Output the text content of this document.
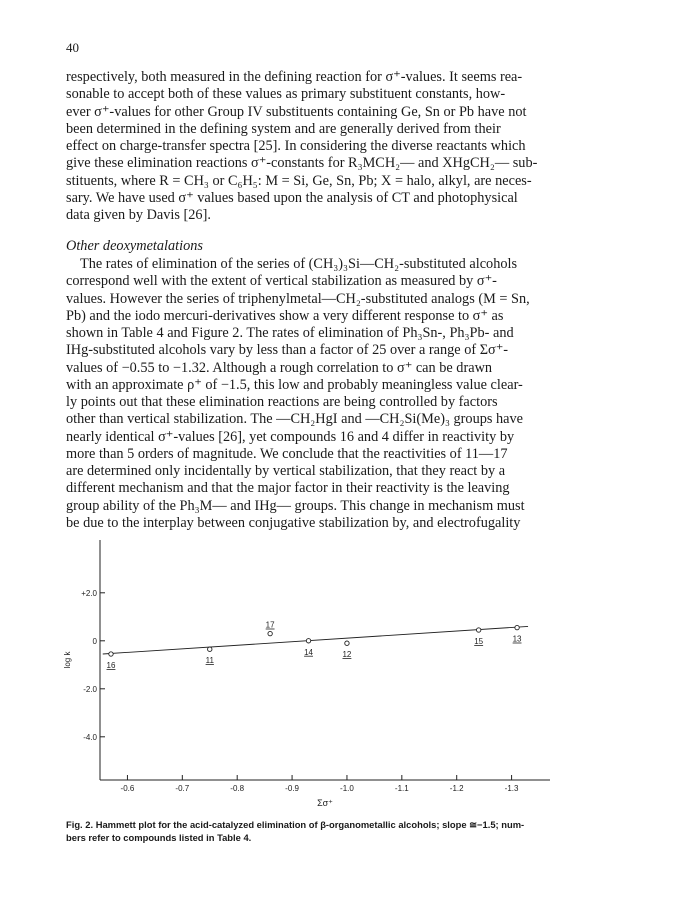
40

respectively, both measured in the defining reaction for σ⁺-values. It seems rea-

sonable to accept both of these values as primary substituent constants, how-

ever σ⁺-values for other Group IV substituents containing Ge, Sn or Pb have not

been determined in the defining system and are generally derived from their

effect on charge-transfer spectra [25]. In considering the diverse reactants which

give these elimination reactions σ⁺-constants for R₃MCH₂— and XHgCH₂— sub-

stituents, where R = CH₃ or C₆H₅: M = Si, Ge, Sn, Pb; X = halo, alkyl, are neces-

sary. We have used σ⁺ values based upon the analysis of CT and photophysical

data given by Davis [26].

Other deoxymetalations

The rates of elimination of the series of (CH₃)₃Si—CH₂-substituted alcohols

correspond well with the extent of vertical stabilization as measured by σ⁺-

values. However the series of triphenylmetal—CH₂-substituted analogs (M = Sn,

Pb) and the iodo mercuri-derivatives show a very different response to σ⁺ as

shown in Table 4 and Figure 2. The rates of elimination of Ph₃Sn-, Ph₃Pb- and

IHg-substituted alcohols vary by less than a factor of 25 over a range of Σσ⁺-

values of −0.55 to −1.32. Although a rough correlation to σ⁺ can be drawn

with an approximate ρ⁺ of −1.5, this low and probably meaningless value clear-

ly points out that these elimination reactions are being controlled by factors

other than vertical stabilization. The —CH₂HgI and —CH₂Si(Me)₃ groups have

nearly identical σ⁺-values [26], yet compounds 16 and 4 differ in reactivity by

more than 5 orders of magnitude. We conclude that the reactivities of 11—17

are determined only incidentally by vertical stabilization, that they react by a

different mechanism and that the major factor in their reactivity is the leaving

group ability of the Ph₃M— and IHg— groups. This change in mechanism must

be due to the interplay between conjugative stabilization by, and electrofugality

+2.0
0
-2.0
-4.0
-0.6	-0.7	-0.8	-0.9	-1.0	-1.1	-1.2	-1.3
Σσ⁺
log k	16
11
17
14	12
15	13
Fig. 2. Hammett plot for the acid-catalyzed elimination of β-organometallic alcohols; slope ≅−1.5; num-
bers refer to compounds listed in Table 4.
